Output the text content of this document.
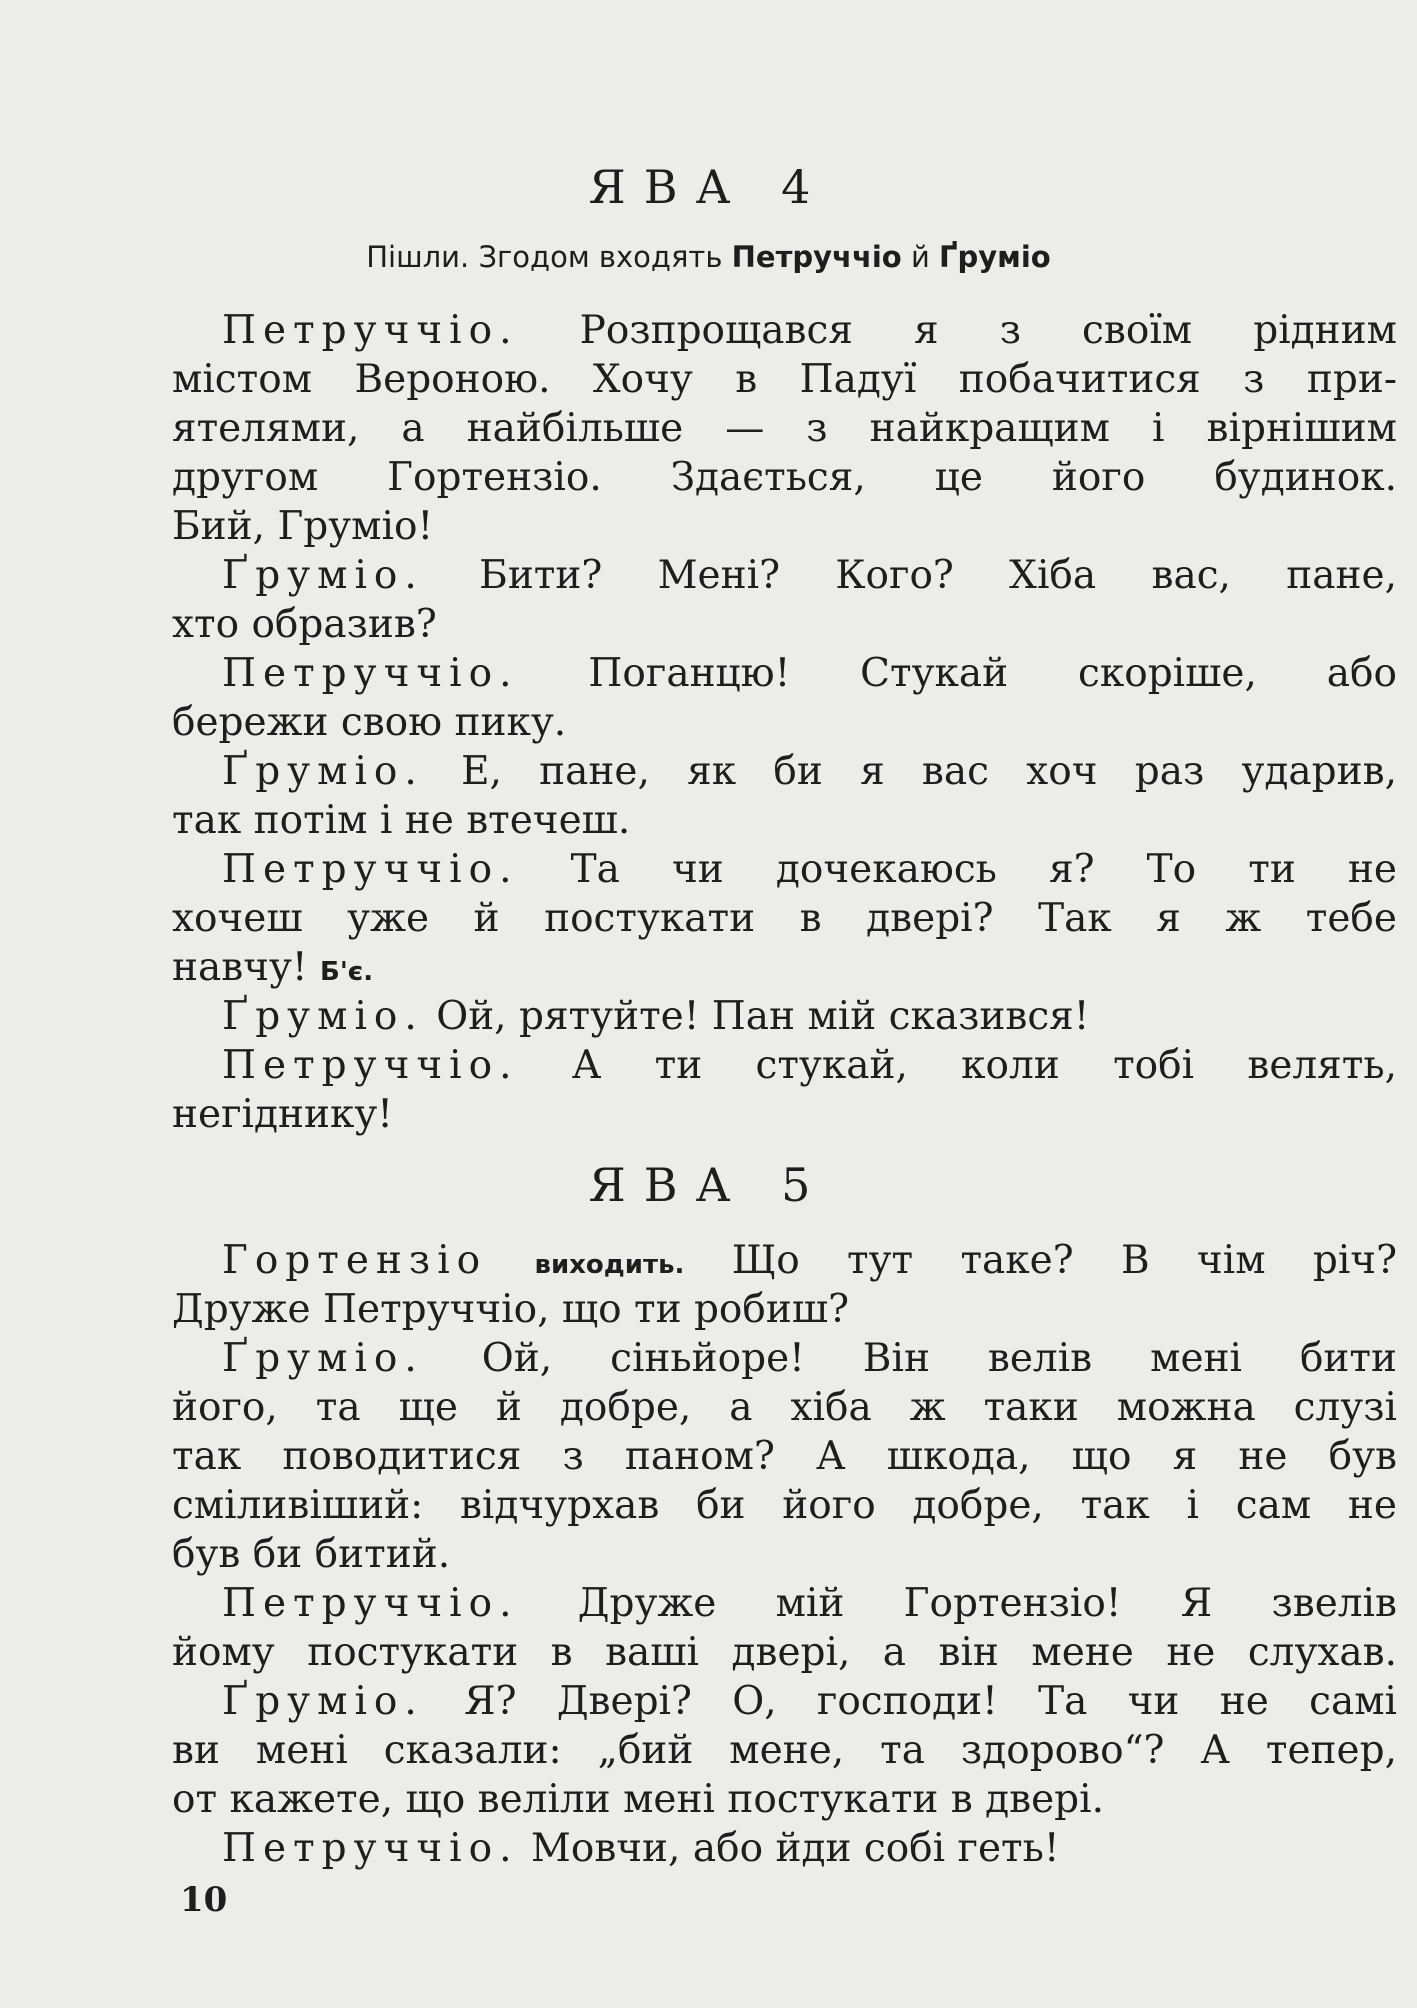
ЯВА 4

Пішли. Згодом входять Петруччіо й Ґруміо

Петруччіо. Розпрощався я з своїм рідним
містом Вероною. Хочу в Падуї побачитися з при-
ятелями, а найбільше — з найкращим і вірнішим
другом Гортензіо. Здається, це його будинок.
Бий, Груміо!
Ґруміо. Бити? Мені? Кого? Хіба вас, пане,
хто образив?
Петруччіо. Поганцю! Стукай скоріше, або
бережи свою пику.
Ґруміо. Е, пане, як би я вас хоч раз ударив,
так потім і не втечеш.
Петруччіо. Та чи дочекаюсь я? То ти не
хочеш уже й постукати в двері? Так я ж тебе
навчу! Б'є.
Ґруміо. Ой, рятуйте! Пан мій сказився!
Петруччіо. А ти стукай, коли тобі велять,
негіднику!
ЯВА 5
Гортензіо виходить. Що тут таке? В чім річ?
Друже Петруччіо, що ти робиш?
Ґруміо. Ой, сіньйоре! Він велів мені бити
його, та ще й добре, а хіба ж таки можна слузі
так поводитися з паном? А шкода, що я не був
сміливіший: відчурхав би його добре, так і сам не
був би битий.
Петруччіо. Друже мій Гортензіо! Я звелів
йому постукати в ваші двері, а він мене не слухав.
Ґруміо. Я? Двері? О, господи! Та чи не самі
ви мені сказали: „бий мене, та здорово“? А тепер,
от кажете, що веліли мені постукати в двері.
Петруччіо. Мовчи, або йди собі геть!
10
